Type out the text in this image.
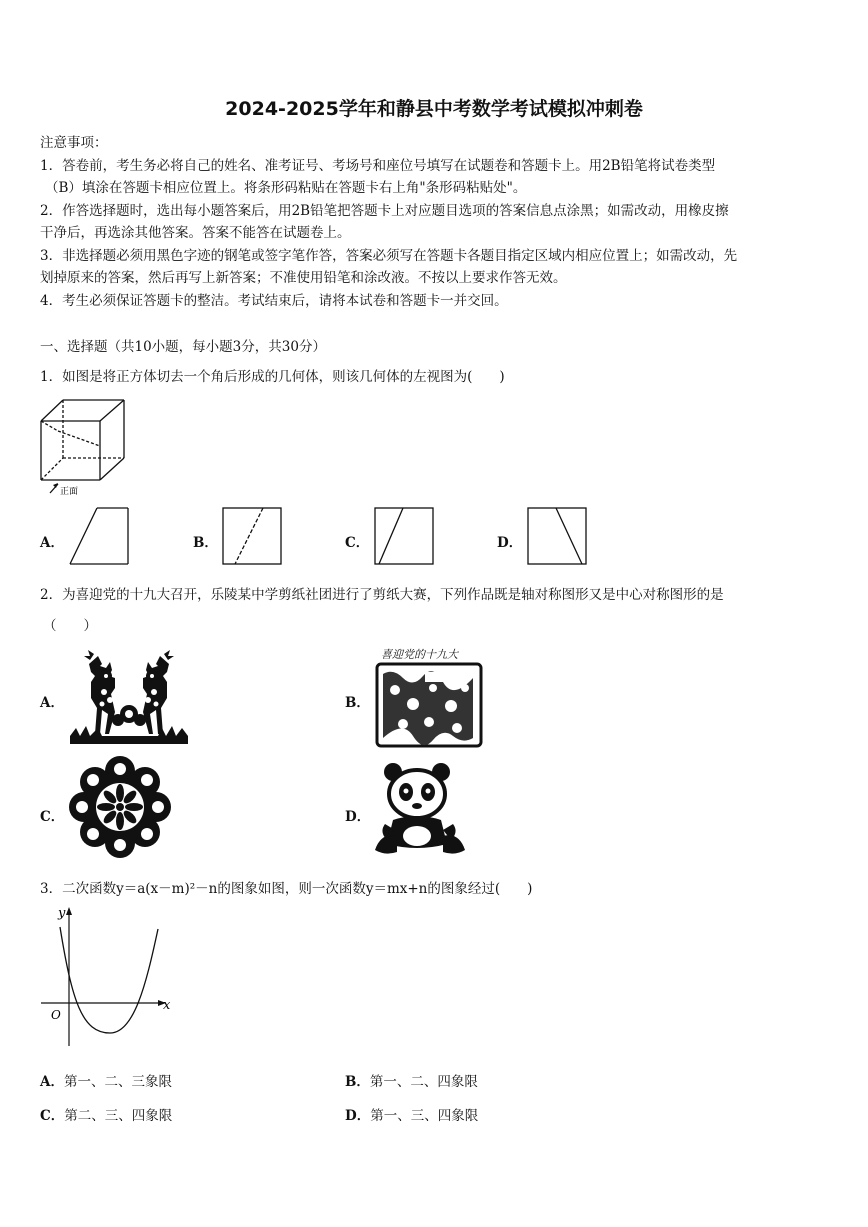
2024-2025学年和静县中考数学考试模拟冲刺卷
注意事项：
1．答卷前，考生务必将自己的姓名、准考证号、考场号和座位号填写在试题卷和答题卡上。用2B铅笔将试卷类型
（B）填涂在答题卡相应位置上。将条形码粘贴在答题卡右上角"条形码粘贴处"。
2．作答选择题时，选出每小题答案后，用2B铅笔把答题卡上对应题目选项的答案信息点涂黑；如需改动，用橡皮擦
干净后，再选涂其他答案。答案不能答在试题卷上。
3．非选择题必须用黑色字迹的钢笔或签字笔作答，答案必须写在答题卡各题目指定区域内相应位置上；如需改动，先
划掉原来的答案，然后再写上新答案；不准使用铅笔和涂改液。不按以上要求作答无效。
4．考生必须保证答题卡的整洁。考试结束后，请将本试卷和答题卡一并交回。
一、选择题（共10小题，每小题3分，共30分）
1．如图是将正方体切去一个角后形成的几何体，则该几何体的左视图为(　　)
正面
A．	B．	C．	D．
2．为喜迎党的十九大召开，乐陵某中学剪纸社团进行了剪纸大赛，下列作品既是轴对称图形又是中心对称图形的是
（　　）
A．	B．
喜迎党的十九大
C．	D．
3．二次函数y＝a(x－m)²－n的图象如图，则一次函数y＝mx+n的图象经过(　　)
y
x
O
A．第一、二、三象限	B．第一、二、四象限
C．第二、三、四象限	D．第一、三、四象限
